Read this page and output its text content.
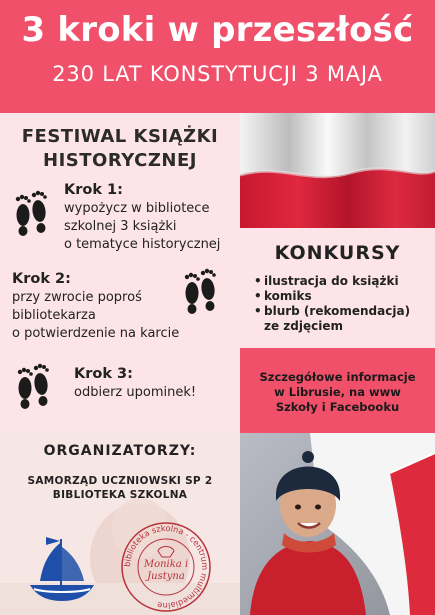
3 kroki w przeszłość
230 LAT KONSTYTUCJI 3 MAJA
FESTIWAL KSIĄŻKI
HISTORYCZNEJ
Krok 1:
wypożycz w bibliotece
szkolnej 3 książki
o tematyce historycznej
Krok 2:
przy zwrocie poproś
bibliotekarza
o potwierdzenie na karcie
Krok 3:
odbierz upominek!
KONKURSY
• ilustracja do książki
• komiks
• blurb (rekomendacja)
ze zdjęciem
Szczegółowe informacje
w Librusie, na www
Szkoły i Facebooku
ORGANIZATORZY:
SAMORZĄD UCZNIOWSKI SP 2
BIBLIOTEKA SZKOLNA
biblioteka szkolna - centrum multimedialne
Monika i
Justyna
